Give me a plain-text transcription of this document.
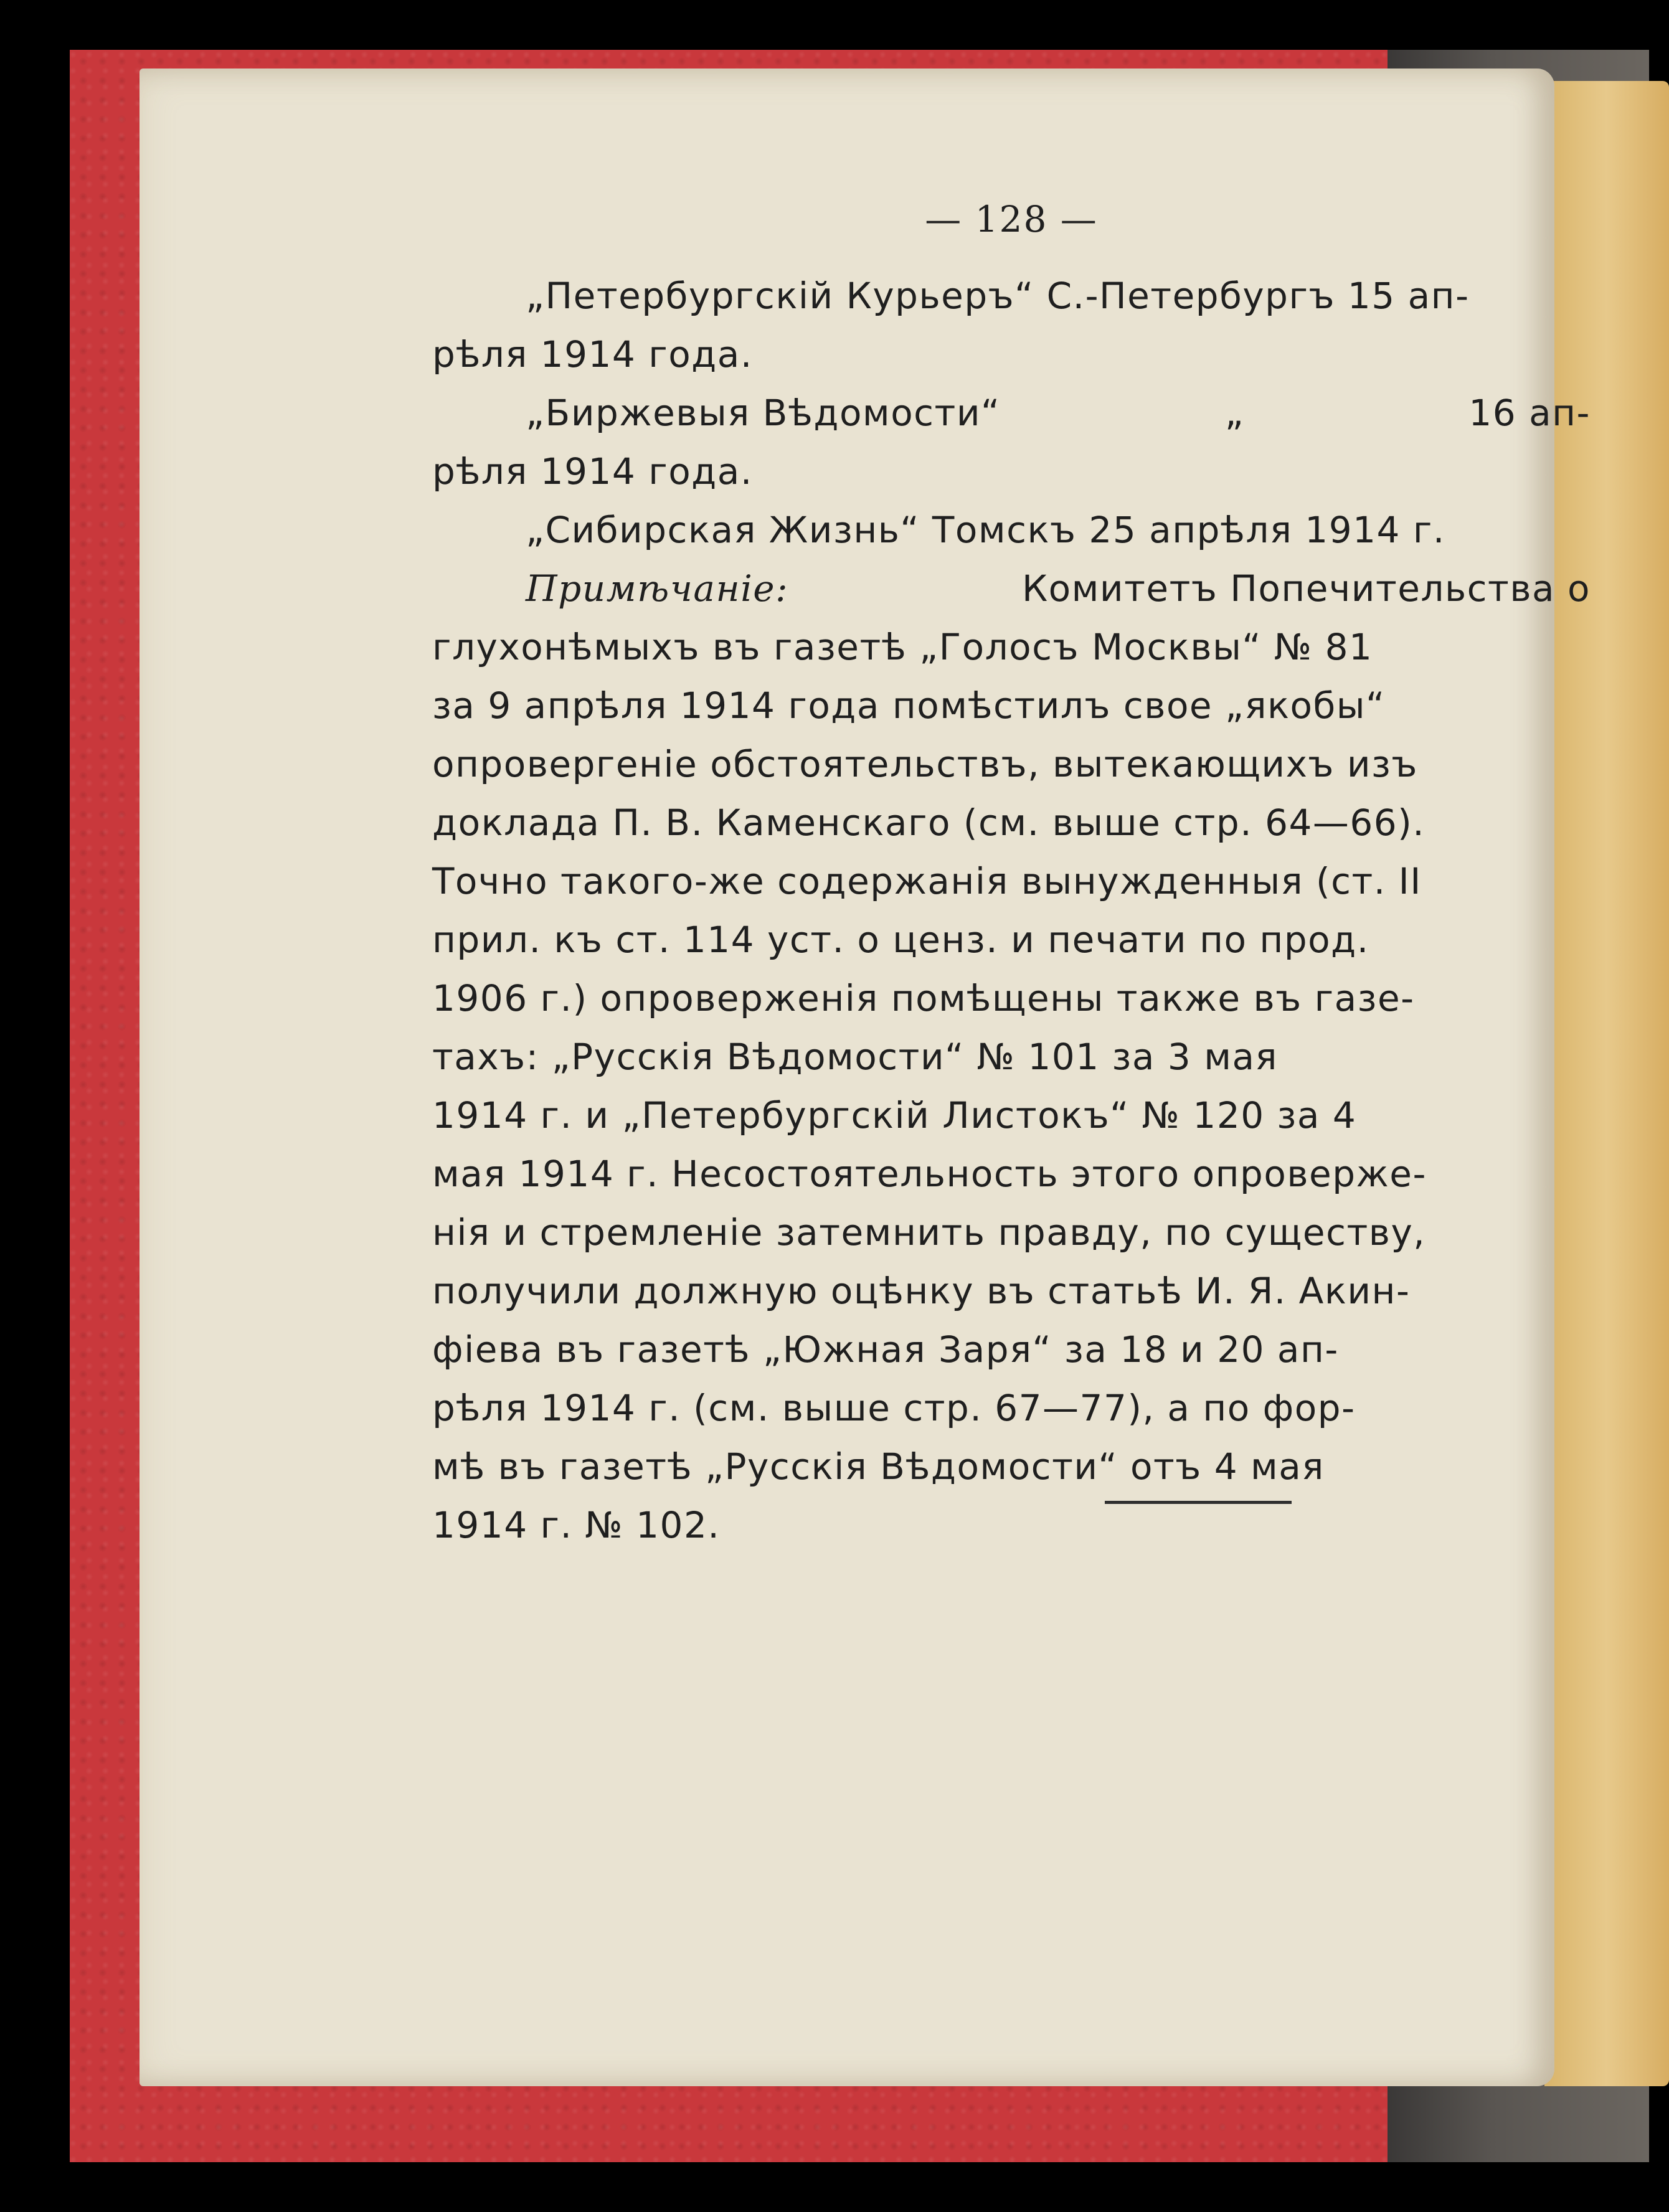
— 128 —
„Петербургскій Курьеръ“ С.-Петербургъ 15 ап-
рѣля 1914 года.
„Биржевыя Вѣдомости“	„	16 ап-
рѣля 1914 года.
„Сибирская Жизнь“ Томскъ 25 апрѣля 1914 г.
Примѣчаніе:	Комитетъ Попечительства о
глухонѣмыхъ въ газетѣ „Голосъ Москвы“ № 81
за 9 апрѣля 1914 года помѣстилъ свое „якобы“
опровергеніе обстоятельствъ, вытекающихъ изъ
доклада П. В. Каменскаго (см. выше стр. 64—66).
Точно такого-же содержанія вынужденныя (ст. II
прил. къ ст. 114 уст. о ценз. и печати по прод.
1906 г.) опроверженія помѣщены также въ газе-
тахъ: „Русскія Вѣдомости“ № 101 за 3 мая
1914 г. и „Петербургскій Листокъ“ № 120 за 4
мая 1914 г. Несостоятельность этого опроверже-
нія и стремленіе затемнить правду, по существу,
получили должную оцѣнку въ статьѣ И. Я. Акин-
фіева въ газетѣ „Южная Заря“ за 18 и 20 ап-
рѣля 1914 г. (см. выше стр. 67—77), а по фор-
мѣ въ газетѣ „Русскія Вѣдомости“ отъ 4 мая
1914 г. № 102.
